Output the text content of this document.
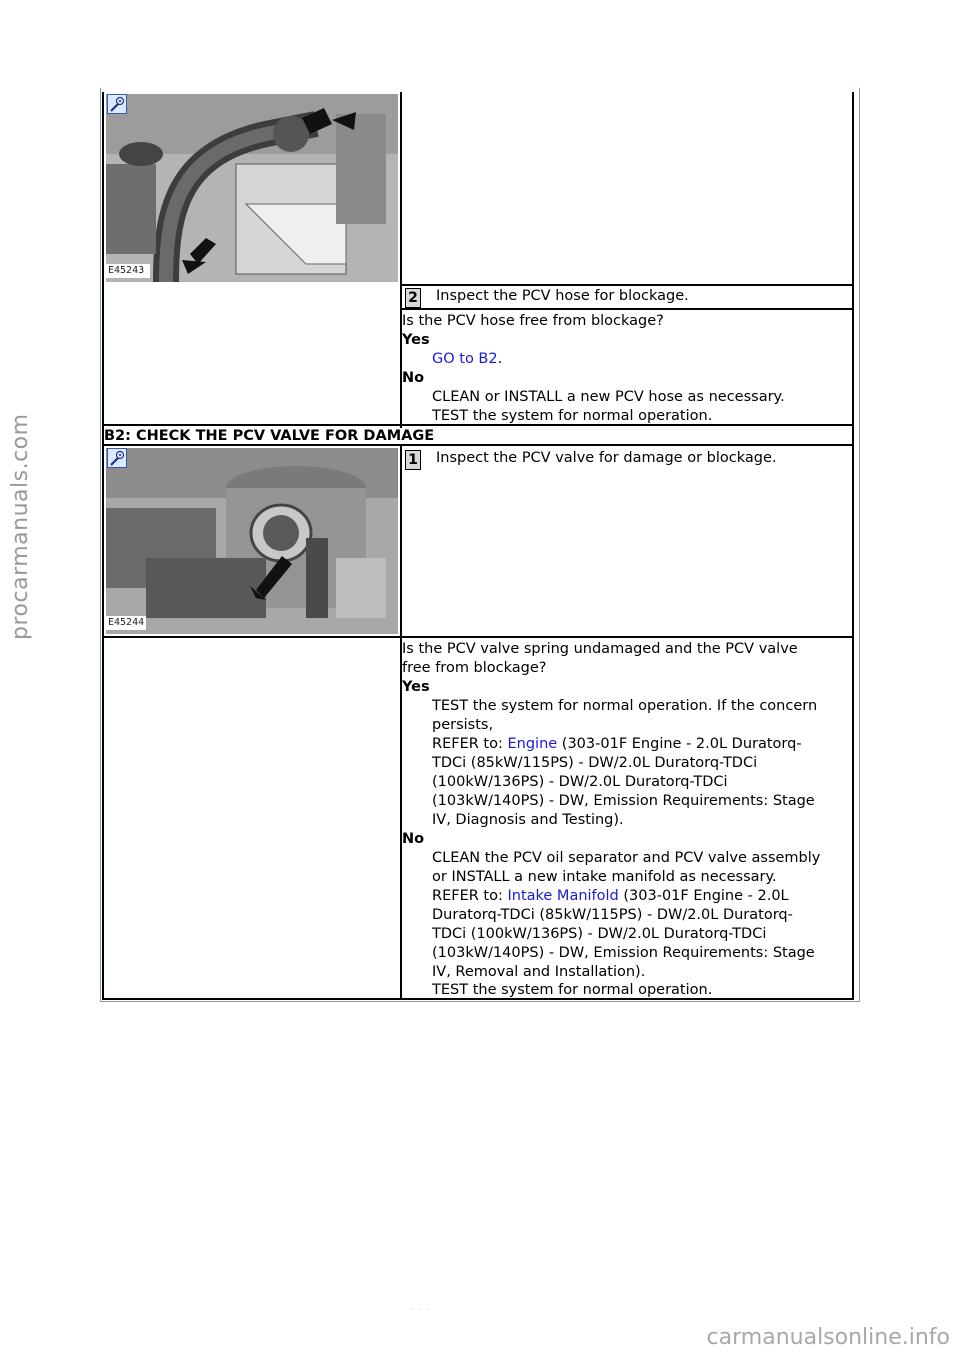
E45243
2 Inspect the PCV hose for blockage.
Is the PCV hose free from blockage?
Yes
GO to B2.
No
CLEAN or INSTALL a new PCV hose as necessary.
TEST the system for normal operation.
B2: CHECK THE PCV VALVE FOR DAMAGE
E45244
1 Inspect the PCV valve for damage or blockage.
Is the PCV valve spring undamaged and the PCV valve
free from blockage?
Yes
TEST the system for normal operation. If the concern
persists,
REFER to: Engine (303-01F Engine - 2.0L Duratorq-
TDCi (85kW/115PS) - DW/2.0L Duratorq-TDCi
(100kW/136PS) - DW/2.0L Duratorq-TDCi
(103kW/140PS) - DW, Emission Requirements: Stage
IV, Diagnosis and Testing).
No
CLEAN the PCV oil separator and PCV valve assembly
or INSTALL a new intake manifold as necessary.
REFER to: Intake Manifold (303-01F Engine - 2.0L
Duratorq-TDCi (85kW/115PS) - DW/2.0L Duratorq-
TDCi (100kW/136PS) - DW/2.0L Duratorq-TDCi
(103kW/140PS) - DW, Emission Requirements: Stage
IV, Removal and Installation).
TEST the system for normal operation.
procarmanuals.com
carmanualsonline.info
- - -
